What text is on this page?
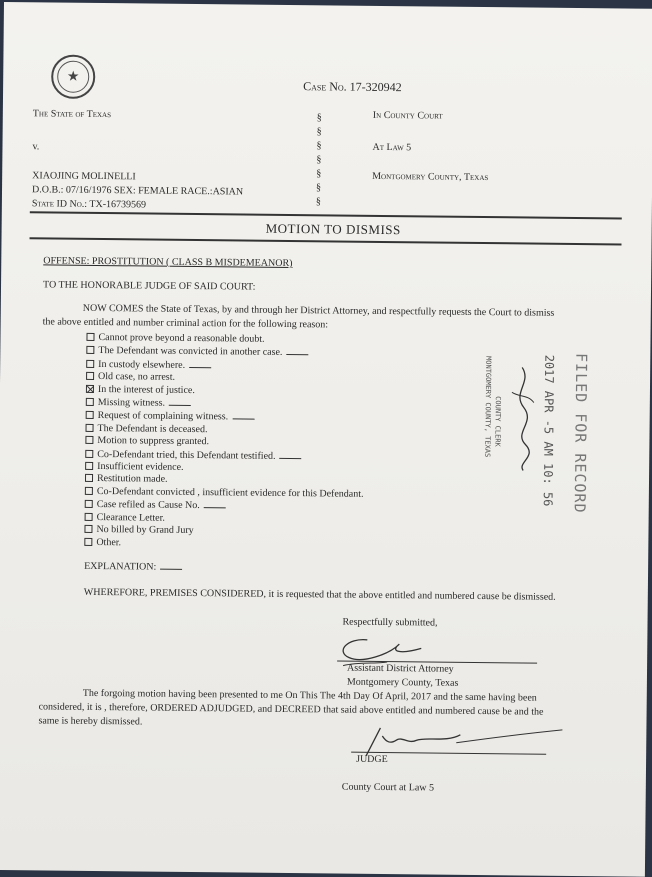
★
Case No. 17-320942
The State of Texas
v.
XIAOJING MOLINELLI
D.O.B.: 07/16/1976 SEX: FEMALE RACE.:ASIAN
State ID No.: TX-16739569
§
§
§
§
§
§
§
In County Court
At Law 5
Montgomery County, Texas
MOTION TO DISMISS
OFFENSE: PROSTITUTION ( CLASS B MISDEMEANOR)
TO THE HONORABLE JUDGE OF SAID COURT:
NOW COMES the State of Texas, by and through her District Attorney, and respectfully requests the Court to dismiss
the above entitled and number criminal action for the following reason:
Cannot prove beyond a reasonable doubt.
The Defendant was convicted in another case.
In custody elsewhere.
Old case, no arrest.
In the interest of justice.
Missing witness.
Request of complaining witness.
The Defendant is deceased.
Motion to suppress granted.
Co-Defendant tried, this Defendant testified.
Insufficient evidence.
Restitution made.
Co-Defendant convicted , insufficient evidence for this Defendant.
Case refiled as Cause No.
Clearance Letter.
No billed by Grand Jury
Other.
FILED FOR RECORD
2017 APR -5 AM 10: 56
COUNTY CLERK
MONTGOMERY COUNTY, TEXAS
EXPLANATION:
WHEREFORE, PREMISES CONSIDERED, it is requested that the above entitled and numbered cause be dismissed.
Respectfully submitted,
Assistant District Attorney
Montgomery County, Texas
The forgoing motion having been presented to me On This The 4th Day Of April, 2017 and the same having been
considered, it is , therefore, ORDERED ADJUDGED, and DECREED that said above entitled and numbered cause be and the
same is hereby dismissed.
JUDGE
County Court at Law 5
